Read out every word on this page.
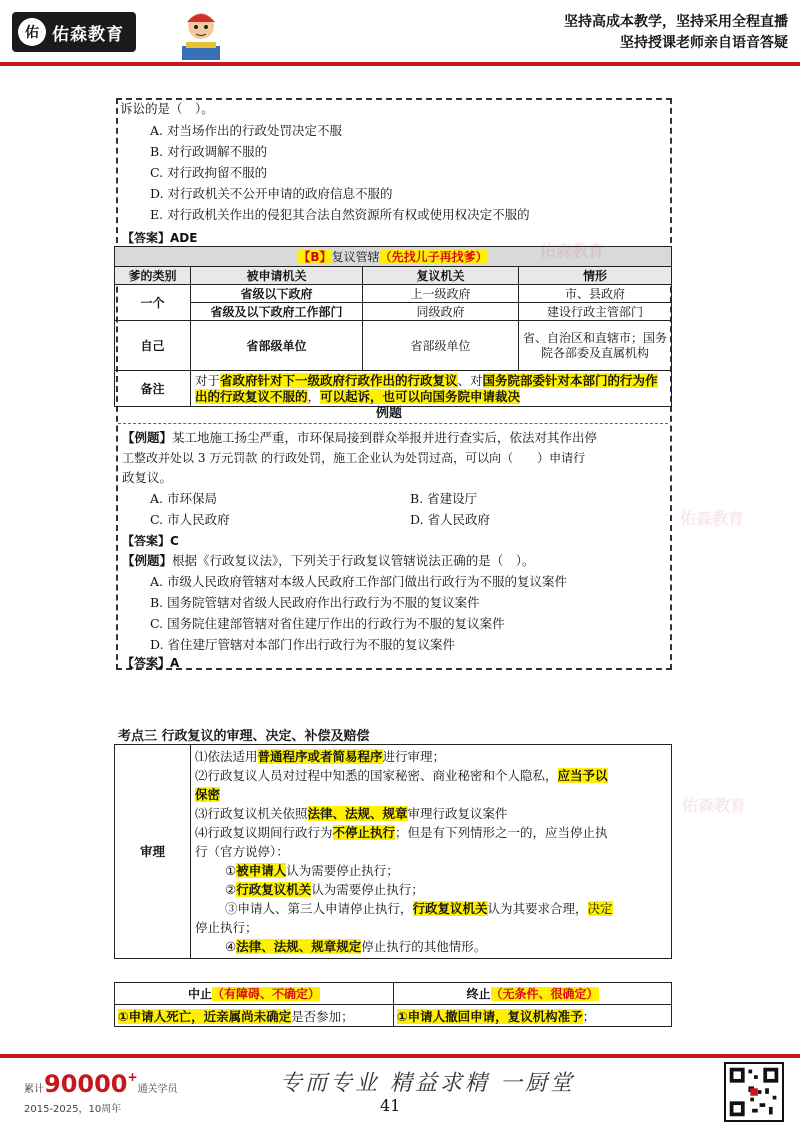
佑 佑森教育
坚持高成本教学，坚持采用全程直播
坚持授课老师亲自语音答疑
诉讼的是（　）。
A. 对当场作出的行政处罚决定不服
B. 对行政调解不服的
C. 对行政拘留不服的
D. 对行政机关不公开申请的政府信息不服的
E. 对行政机关作出的侵犯其合法自然资源所有权或使用权决定不服的
【答案】ADE
【B】复议管辖（先找儿子再找爹）			
爹的类别	被申请机关	复议机关	情形
一个	省级以下政府	上一级政府	市、县政府
	省级及以下政府工作部门	同级政府	建设行政主管部门
自己	省部级单位	省部级单位	省、自治区和直辖市；国务院各部委及直属机构
备注	对于省政府针对下一级政府行政作出的行政复议、对国务院部委针对本部门的行为作出的行政复议不服的，可以起诉，也可以向国务院申请裁决		
例题
【例题】某工地施工扬尘严重，市环保局接到群众举报并进行查实后，依法对其作出停
工整改并处以 3 万元罚款 的行政处罚，施工企业认为处罚过高，可以向（　　）申请行
政复议。
A. 市环保局	B. 省建设厅
C. 市人民政府	D. 省人民政府
【答案】C
【例题】根据《行政复议法》，下列关于行政复议管辖说法正确的是（　）。
A. 市级人民政府管辖对本级人民政府工作部门做出行政行为不服的复议案件
B. 国务院管辖对省级人民政府作出行政行为不服的复议案件
C. 国务院住建部管辖对省住建厅作出的行政行为不服的复议案件
D. 省住建厅管辖对本部门作出行政行为不服的复议案件
【答案】A
考点三 行政复议的审理、决定、补偿及赔偿
审理	
⑴依法适用普通程序或者简易程序进行审理；
⑵行政复议人员对过程中知悉的国家秘密、商业秘密和个人隐私，应当予以
保密
⑶行政复议机关依照法律、法规、规章审理行政复议案件
⑷行政复议期间行政行为不停止执行；但是有下列情形之一的，应当停止执
行（官方说停）：
①被申请人认为需要停止执行；
②行政复议机关认为需要停止执行；
③申请人、第三人申请停止执行，行政复议机关认为其要求合理，决定
停止执行；
④法律、法规、规章规定停止执行的其他情形。
中止（有障碍、不确定）	终止（无条件、很确定）
①申请人死亡，近亲属尚未确定是否参加；	①申请人撤回申请，复议机构准予；
佑森教育
佑森教育
佑森教育
累计90000+通关学员
2015-2025，10周年
专而专业 精益求精 一厨堂
41
